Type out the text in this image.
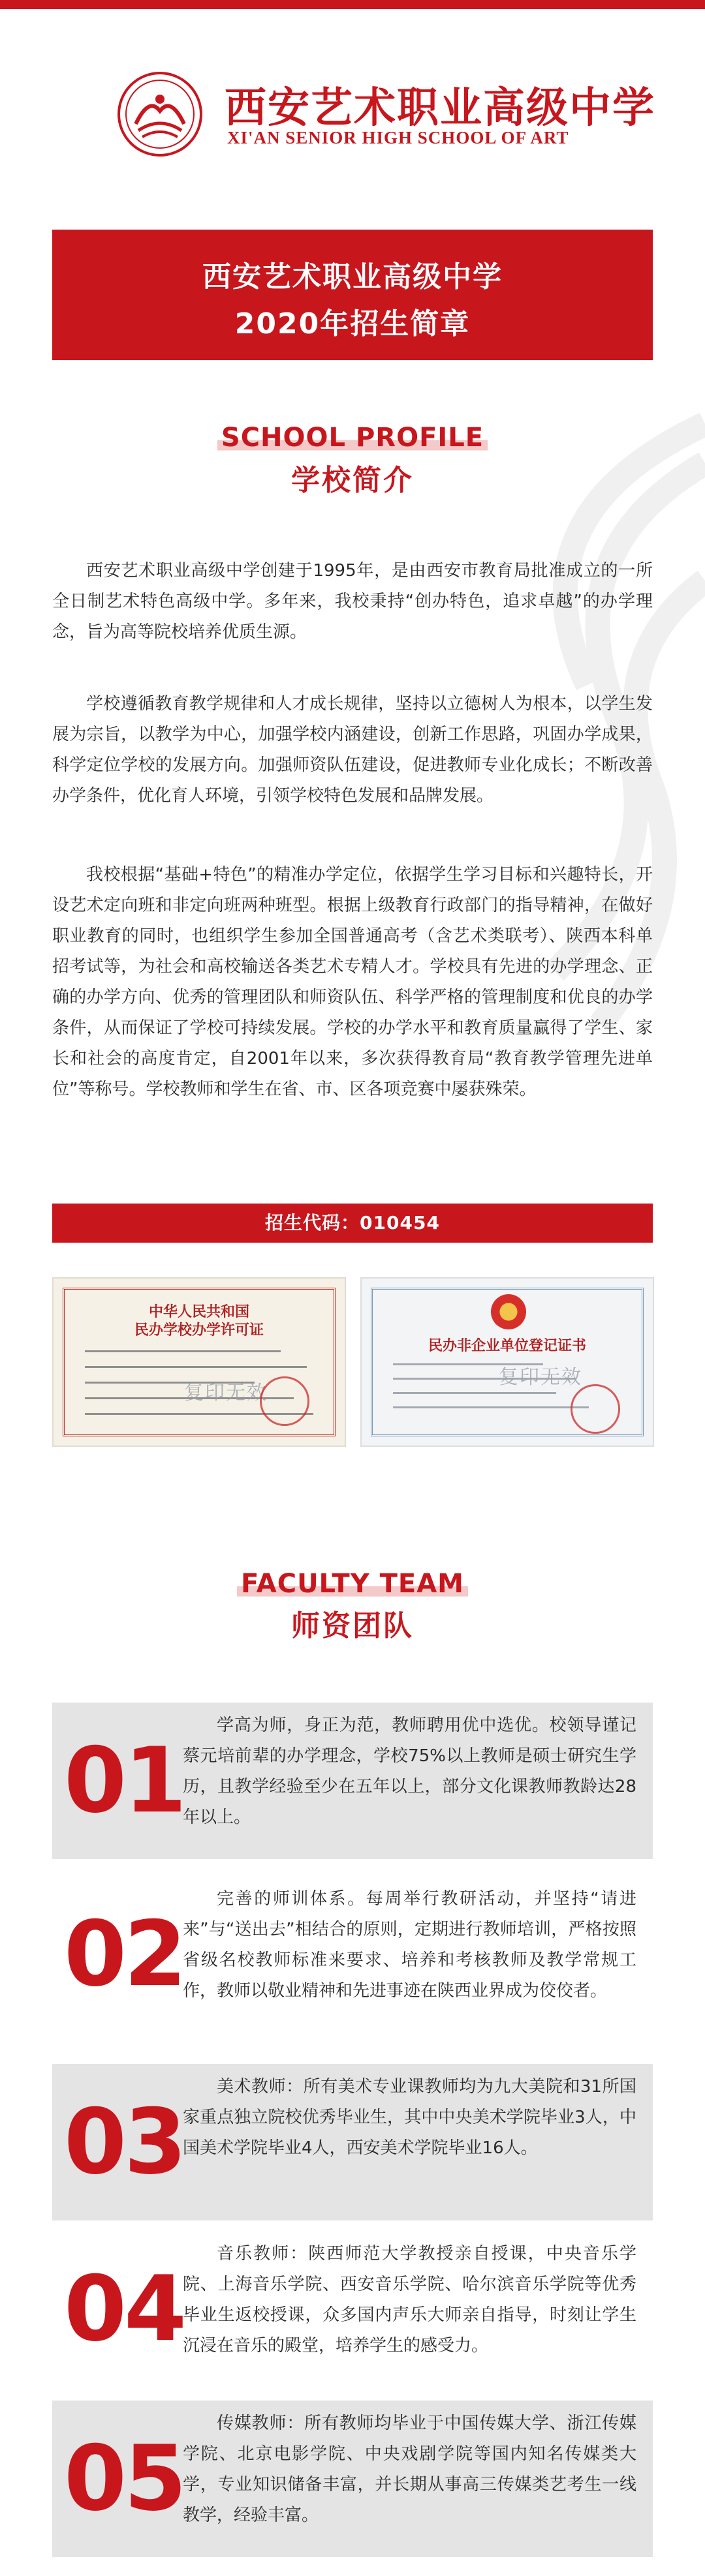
西安艺术职业高级中学
XI'AN SENIOR HIGH SCHOOL OF ART
西安艺术职业高级中学
2020年招生简章
SCHOOL PROFILE
学校简介

西安艺术职业高级中学创建于1995年，是由西安市教育局批准成立的一所全日制艺术特色高级中学。多年来，我校秉持“创办特色，追求卓越”的办学理念，旨为高等院校培养优质生源。

学校遵循教育教学规律和人才成长规律，坚持以立德树人为根本，以学生发展为宗旨，以教学为中心，加强学校内涵建设，创新工作思路，巩固办学成果，科学定位学校的发展方向。加强师资队伍建设，促进教师专业化成长；不断改善办学条件，优化育人环境，引领学校特色发展和品牌发展。

我校根据“基础+特色”的精准办学定位，依据学生学习目标和兴趣特长，开设艺术定向班和非定向班两种班型。根据上级教育行政部门的指导精神，在做好职业教育的同时，也组织学生参加全国普通高考（含艺术类联考）、陕西本科单招考试等，为社会和高校输送各类艺术专精人才。学校具有先进的办学理念、正确的办学方向、优秀的管理团队和师资队伍、科学严格的管理制度和优良的办学条件，从而保证了学校可持续发展。学校的办学水平和教育质量赢得了学生、家长和社会的高度肯定，自2001年以来，多次获得教育局“教育教学管理先进单位”等称号。学校教师和学生在省、市、区各项竞赛中屡获殊荣。

招生代码：010454
中华人民共和国
民办学校办学许可证
复印无效
民办非企业单位登记证书
复印无效
FACULTY TEAM
师资团队
01

学高为师，身正为范，教师聘用优中选优。校领导谨记蔡元培前辈的办学理念，学校75%以上教师是硕士研究生学历，且教学经验至少在五年以上，部分文化课教师教龄达28年以上。

02

完善的师训体系。每周举行教研活动，并坚持“请进来”与“送出去”相结合的原则，定期进行教师培训，严格按照省级名校教师标准来要求、培养和考核教师及教学常规工作，教师以敬业精神和先进事迹在陕西业界成为佼佼者。

03

美术教师：所有美术专业课教师均为九大美院和31所国家重点独立院校优秀毕业生，其中中央美术学院毕业3人，中国美术学院毕业4人，西安美术学院毕业16人。

04

音乐教师：陕西师范大学教授亲自授课，中央音乐学院、上海音乐学院、西安音乐学院、哈尔滨音乐学院等优秀毕业生返校授课，众多国内声乐大师亲自指导，时刻让学生沉浸在音乐的殿堂，培养学生的感受力。

05

传媒教师：所有教师均毕业于中国传媒大学、浙江传媒学院、北京电影学院、中央戏剧学院等国内知名传媒类大学，专业知识储备丰富，并长期从事高三传媒类艺考生一线教学，经验丰富。
